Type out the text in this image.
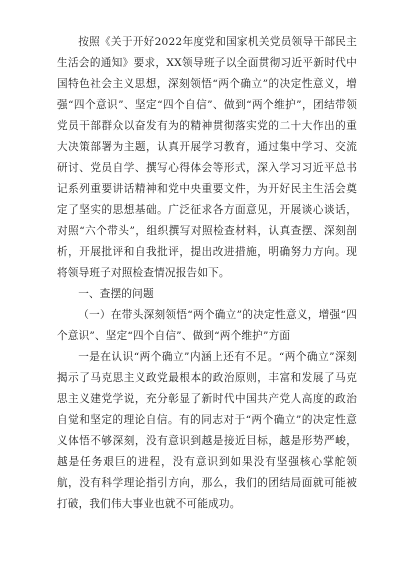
按照《关于开好2022年度党和国家机关党员领导干部民主生活会的通知》要求，XX领导班子以全面贯彻习近平新时代中国特色社会主义思想，深刻领悟“两个确立”的决定性意义，增强“四个意识”、坚定“四个自信”、做到“两个维护”，团结带领党员干部群众以奋发有为的精神贯彻落实党的二十大作出的重大决策部署为主题，认真开展学习教育，通过集中学习、交流研讨、党员自学、撰写心得体会等形式，深入学习习近平总书记系列重要讲话精神和党中央重要文件，为开好民主生活会奠定了坚实的思想基础。广泛征求各方面意见，开展谈心谈话，对照“六个带头”，组织撰写对照检查材料，认真查摆、深刻剖析，开展批评和自我批评，提出改进措施，明确努力方向。现将领导班子对照检查情况报告如下。

一、查摆的问题

（一）在带头深刻领悟“两个确立”的决定性意义，增强“四个意识”、坚定“四个自信”、做到“两个维护”方面

一是在认识“两个确立”内涵上还有不足。“两个确立”深刻揭示了马克思主义政党最根本的政治原则，丰富和发展了马克思主义建党学说，充分彰显了新时代中国共产党人高度的政治自觉和坚定的理论自信。有的同志对于“两个确立”的决定性意义体悟不够深刻，没有意识到越是接近目标，越是形势严峻，越是任务艰巨的进程，没有意识到如果没有坚强核心掌舵领航，没有科学理论指引方向，那么，我们的团结局面就可能被打破，我们伟大事业也就不可能成功。
